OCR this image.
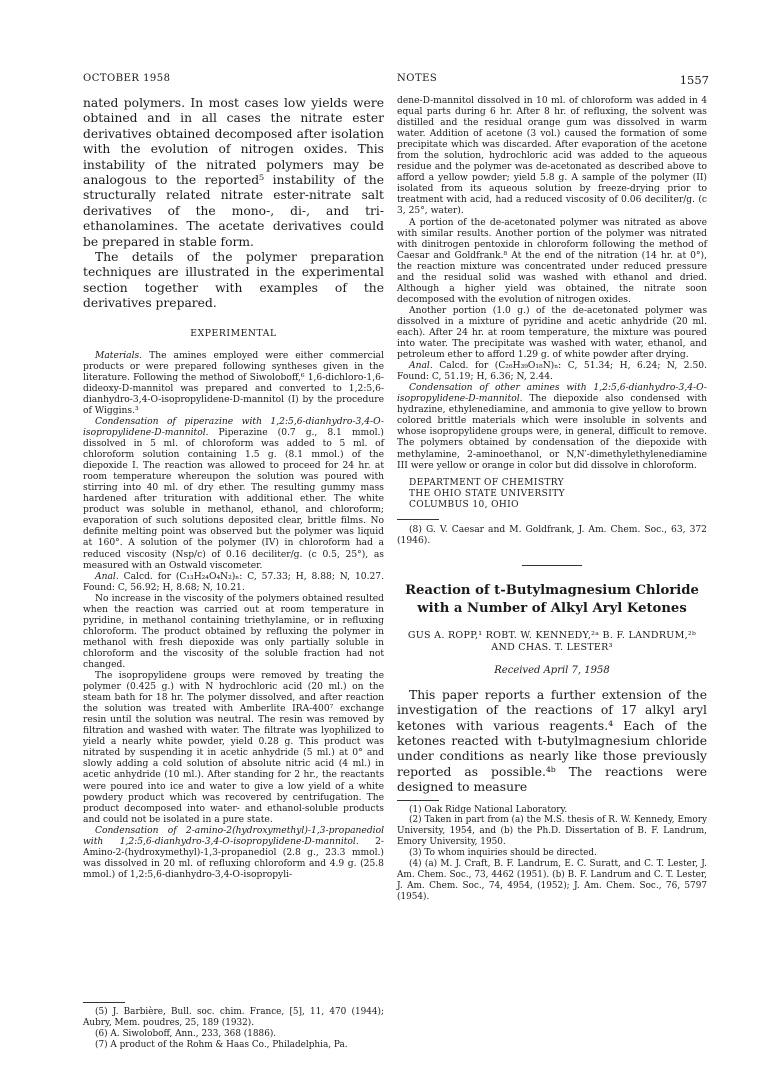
OCTOBER 1958	NOTES	1557

nated polymers. In most cases low yields were obtained and in all cases the nitrate ester derivatives obtained decomposed after isolation with the evolution of nitrogen oxides. This instability of the nitrated polymers may be analogous to the reported⁵ instability of the structurally related nitrate ester-nitrate salt derivatives of the mono-, di-, and tri-ethanolamines. The acetate derivatives could be prepared in stable form.

The details of the polymer preparation techniques are illustrated in the experimental section together with examples of the derivatives prepared.

EXPERIMENTAL

Materials. The amines employed were either commercial products or were prepared following syntheses given in the literature. Following the method of Siwoloboff,⁶ 1,6-dichloro-1,6-dideoxy-D-mannitol was prepared and converted to 1,2:5,6-dianhydro-3,4-O-isopropylidene-D-mannitol (I) by the procedure of Wiggins.³

Condensation of piperazine with 1,2:5,6-dianhydro-3,4-O-isopropylidene-D-mannitol. Piperazine (0.7 g., 8.1 mmol.) dissolved in 5 ml. of chloroform was added to 5 ml. of chloroform solution containing 1.5 g. (8.1 mmol.) of the diepoxide I. The reaction was allowed to proceed for 24 hr. at room temperature whereupon the solution was poured with stirring into 40 ml. of dry ether. The resulting gummy mass hardened after trituration with additional ether. The white product was soluble in methanol, ethanol, and chloroform; evaporation of such solutions deposited clear, brittle films. No definite melting point was observed but the polymer was liquid at 160°. A solution of the polymer (IV) in chloroform had a reduced viscosity (Nsp/c) of 0.16 deciliter/g. (c 0.5, 25°), as measured with an Ostwald viscometer.

Anal. Calcd. for (C₁₃H₂₄O₄N₂)ₙ: C, 57.33; H, 8.88; N, 10.27. Found: C, 56.92; H, 8.68; N, 10.21.

No increase in the viscosity of the polymers obtained resulted when the reaction was carried out at room temperature in pyridine, in methanol containing triethylamine, or in refluxing chloroform. The product obtained by refluxing the polymer in methanol with fresh diepoxide was only partially soluble in chloroform and the viscosity of the soluble fraction had not changed.

The isopropylidene groups were removed by treating the polymer (0.425 g.) with N hydrochloric acid (20 ml.) on the steam bath for 18 hr. The polymer dissolved, and after reaction the solution was treated with Amberlite IRA-400⁷ exchange resin until the solution was neutral. The resin was removed by filtration and washed with water. The filtrate was lyophilized to yield a nearly white powder, yield 0.28 g. This product was nitrated by suspending it in acetic anhydride (5 ml.) at 0° and slowly adding a cold solution of absolute nitric acid (4 ml.) in acetic anhydride (10 ml.). After standing for 2 hr., the reactants were poured into ice and water to give a low yield of a white powdery product which was recovered by centrifugation. The product decomposed into water- and ethanol-soluble products and could not be isolated in a pure state.

Condensation of 2-amino-2(hydroxymethyl)-1,3-propanediol with 1,2:5,6-dianhydro-3,4-O-isopropylidene-D-mannitol. 2-Amino-2-(hydroxymethyl)-1,3-propanediol (2.8 g., 23.3 mmol.) was dissolved in 20 ml. of refluxing chloroform and 4.9 g. (25.8 mmol.) of 1,2:5,6-dianhydro-3,4-O-isopropyli-

(5) J. Barbière, Bull. soc. chim. France, [5], 11, 470 (1944); Aubry, Mem. poudres, 25, 189 (1932).

(6) A. Siwoloboff, Ann., 233, 368 (1886).

(7) A product of the Rohm & Haas Co., Philadelphia, Pa.

dene-D-mannitol dissolved in 10 ml. of chloroform was added in 4 equal parts during 6 hr. After 8 hr. of refluxing, the solvent was distilled and the residual orange gum was dissolved in warm water. Addition of acetone (3 vol.) caused the formation of some precipitate which was discarded. After evaporation of the acetone from the solution, hydrochloric acid was added to the aqueous residue and the polymer was de-acetonated as described above to afford a yellow powder; yield 5.8 g. A sample of the polymer (II) isolated from its aqueous solution by freeze-drying prior to treatment with acid, had a reduced viscosity of 0.06 deciliter/g. (c 3, 25°, water).

A portion of the de-acetonated polymer was nitrated as above with similar results. Another portion of the polymer was nitrated with dinitrogen pentoxide in chloroform following the method of Caesar and Goldfrank.⁸ At the end of the nitration (14 hr. at 0°), the reaction mixture was concentrated under reduced pressure and the residual solid was washed with ethanol and dried. Although a higher yield was obtained, the nitrate soon decomposed with the evolution of nitrogen oxides.

Another portion (1.0 g.) of the de-acetonated polymer was dissolved in a mixture of pyridine and acetic anhydride (20 ml. each). After 24 hr. at room temperature, the mixture was poured into water. The precipitate was washed with water, ethanol, and petroleum ether to afford 1.29 g. of white powder after drying.

Anal. Calcd. for (C₂₆H₃₉O₁₈N)ₙ: C, 51.34; H, 6.24; N, 2.50. Found: C, 51.19; H, 6.36; N, 2.44.

Condensation of other amines with 1,2:5,6-dianhydro-3,4-O-isopropylidene-D-mannitol. The diepoxide also condensed with hydrazine, ethylenediamine, and ammonia to give yellow to brown colored brittle materials which were insoluble in solvents and whose isopropylidene groups were, in general, difficult to remove. The polymers obtained by condensation of the diepoxide with methylamine, 2-aminoethanol, or N,N′-dimethylethylenediamine III were yellow or orange in color but did dissolve in chloroform.

DEPARTMENT OF CHEMISTRY
THE OHIO STATE UNIVERSITY
COLUMBUS 10, OHIO

(8) G. V. Caesar and M. Goldfrank, J. Am. Chem. Soc., 63, 372 (1946).

Reaction of t-Butylmagnesium Chloride with a Number of Alkyl Aryl Ketones
GUS A. ROPP,¹ ROBT. W. KENNEDY,²ᵃ B. F. LANDRUM,²ᵇ
AND CHAS. T. LESTER³
Received April 7, 1958

This paper reports a further extension of the investigation of the reactions of 17 alkyl aryl ketones with various reagents.⁴ Each of the ketones reacted with t-butylmagnesium chloride under conditions as nearly like those previously reported as possible.⁴ᵇ The reactions were designed to measure

(1) Oak Ridge National Laboratory.

(2) Taken in part from (a) the M.S. thesis of R. W. Kennedy, Emory University, 1954, and (b) the Ph.D. Dissertation of B. F. Landrum, Emory University, 1950.

(3) To whom inquiries should be directed.

(4) (a) M. J. Craft, B. F. Landrum, E. C. Suratt, and C. T. Lester, J. Am. Chem. Soc., 73, 4462 (1951). (b) B. F. Landrum and C. T. Lester, J. Am. Chem. Soc., 74, 4954, (1952); J. Am. Chem. Soc., 76, 5797 (1954).
